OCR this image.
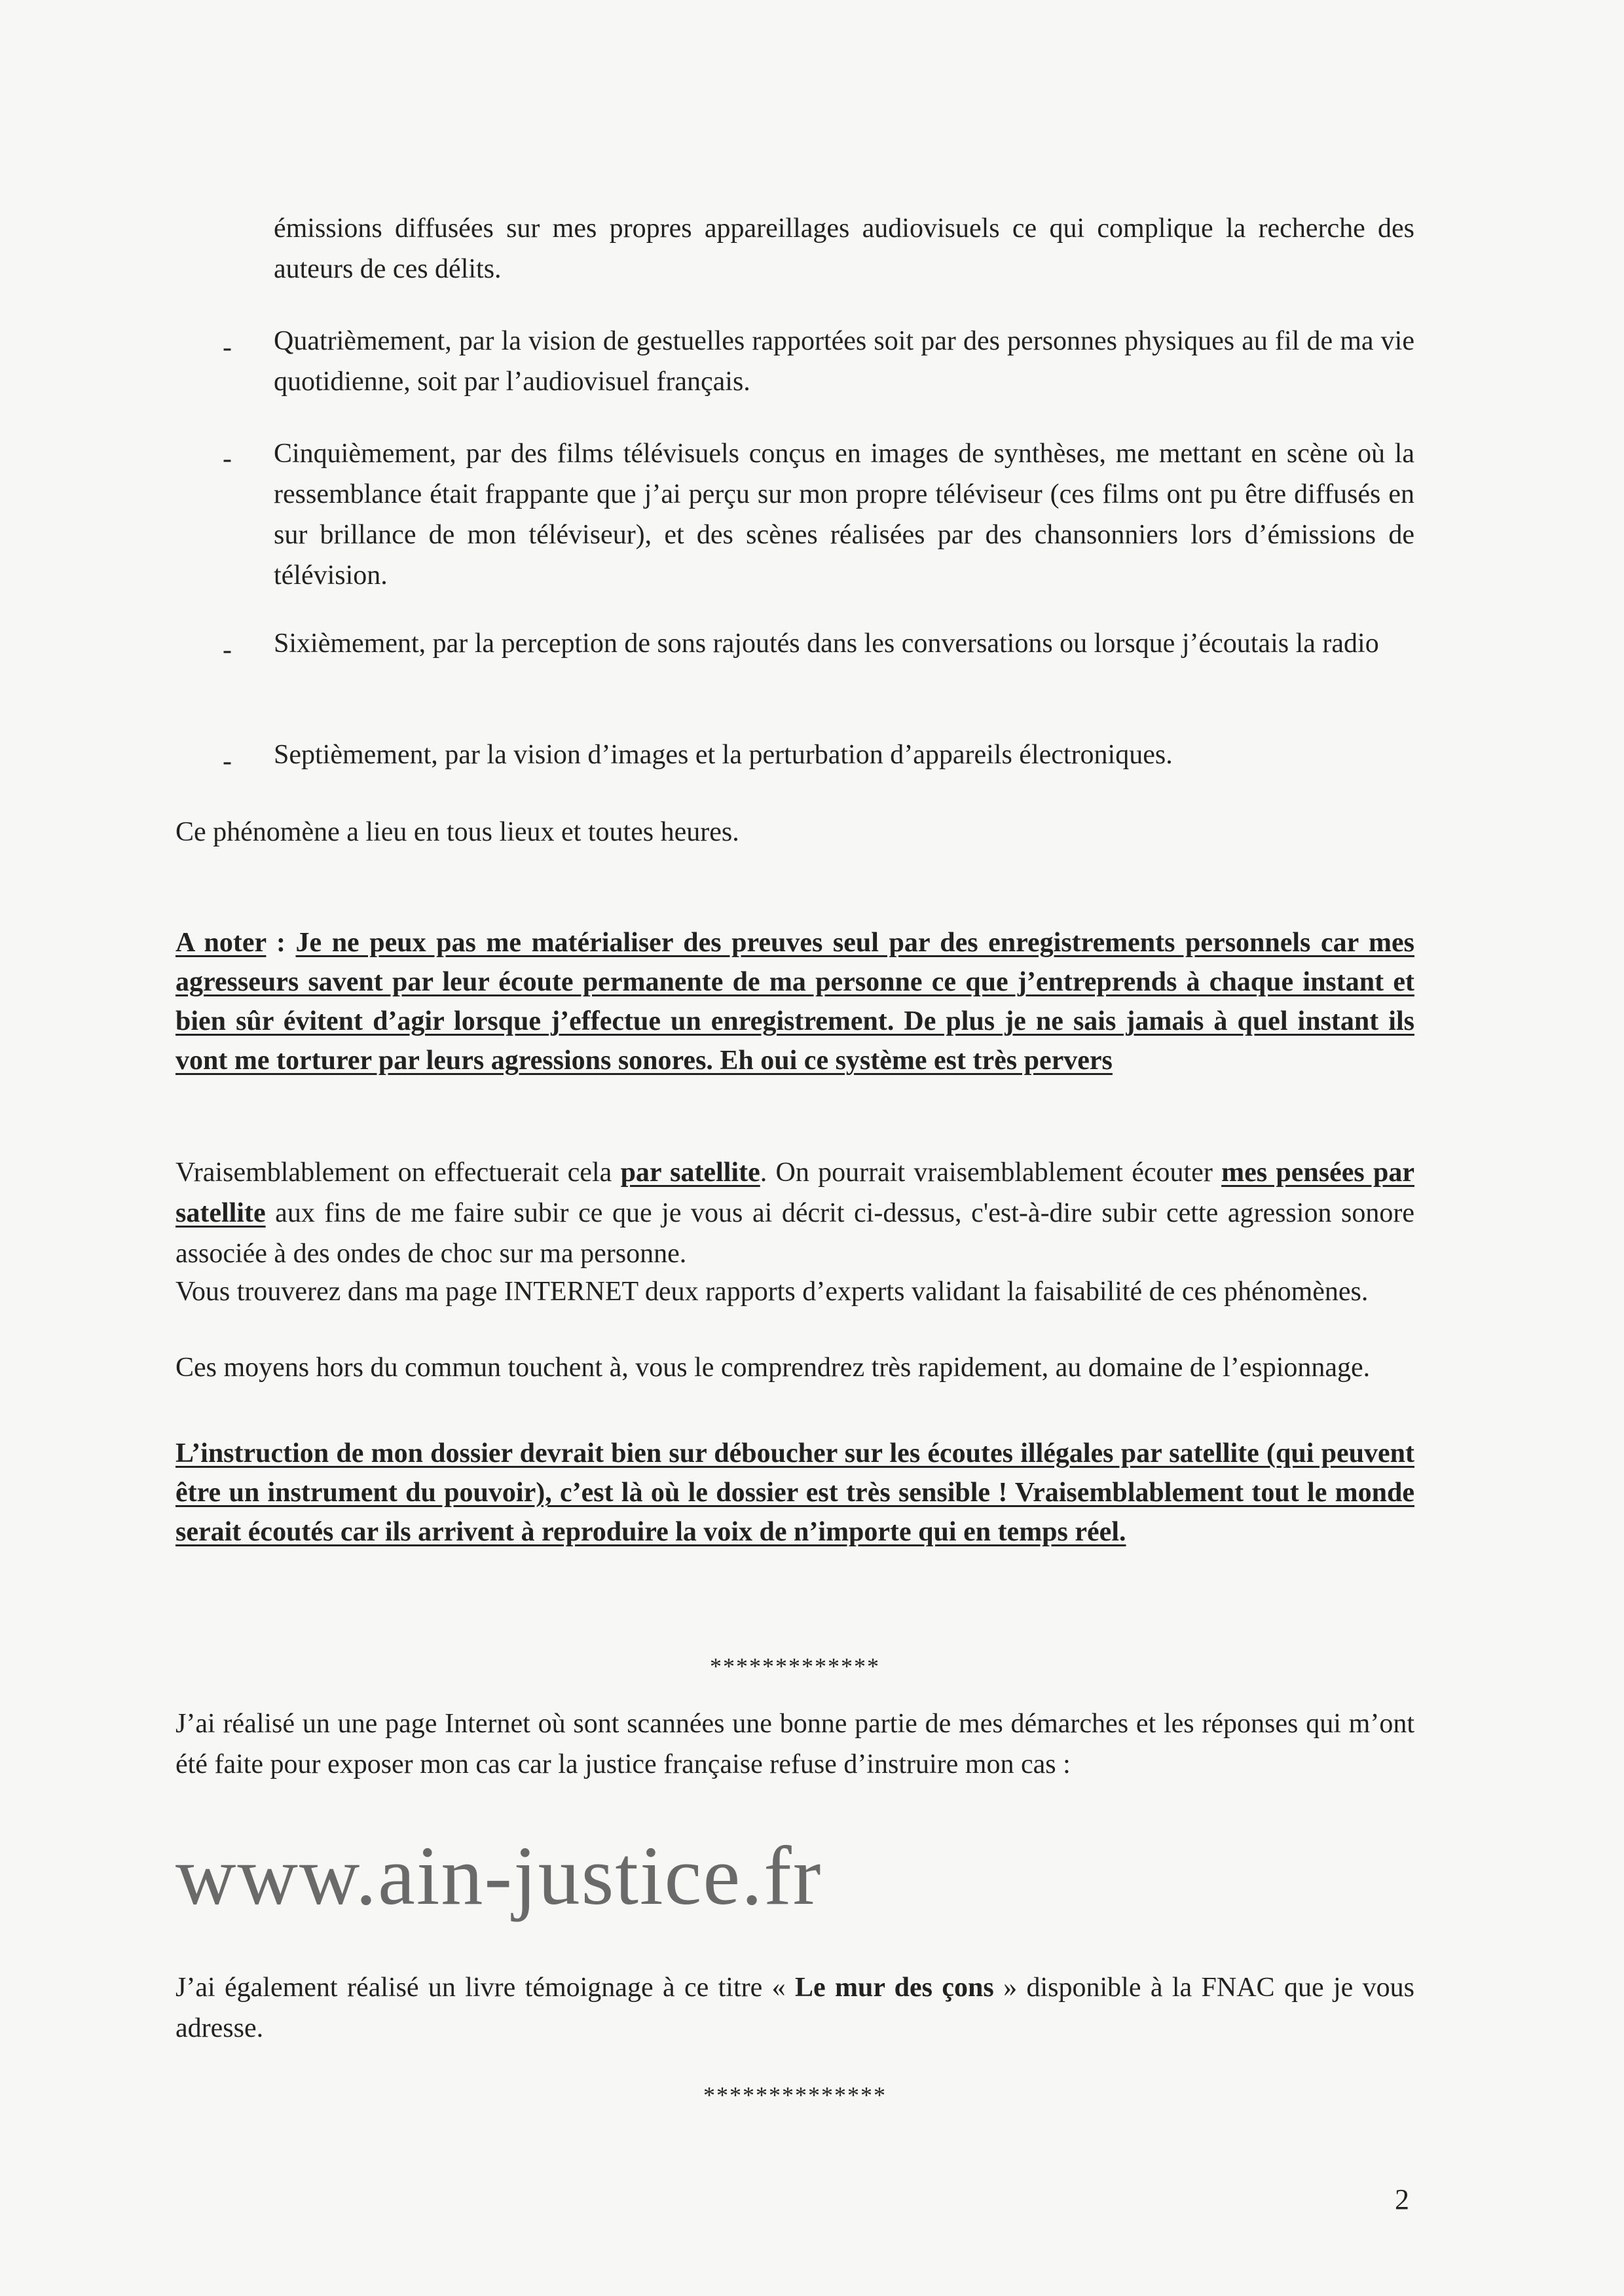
émissions diffusées sur mes propres appareillages audiovisuels ce qui complique la recherche des auteurs de ces délits.

- Quatrièmement, par la vision de gestuelles rapportées soit par des personnes physiques au fil de ma vie quotidienne, soit par l’audiovisuel français.

- Cinquièmement, par des films télévisuels conçus en images de synthèses, me mettant en scène où la ressemblance était frappante que j’ai perçu sur mon propre téléviseur (ces films ont pu être diffusés en sur brillance de mon téléviseur), et des scènes réalisées par des chansonniers lors d’émissions de télévision.

- Sixièmement, par la perception de sons rajoutés dans les conversations ou lorsque j’écoutais la radio

- Septièmement, par la vision d’images et la perturbation d’appareils électroniques.

Ce phénomène a lieu en tous lieux et toutes heures.

A noter : Je ne peux pas me matérialiser des preuves seul par des enregistrements personnels car mes agresseurs savent par leur écoute permanente de ma personne ce que j’entreprends à chaque instant et bien sûr évitent d’agir lorsque j’effectue un enregistrement. De plus je ne sais jamais à quel instant ils vont me torturer par leurs agressions sonores. Eh oui ce système est très pervers

Vraisemblablement on effectuerait cela par satellite. On pourrait vraisemblablement écouter mes pensées par satellite aux fins de me faire subir ce que je vous ai décrit ci-dessus, c'est-à-dire subir cette agression sonore associée à des ondes de choc sur ma personne.

Vous trouverez dans ma page INTERNET deux rapports d’experts validant la faisabilité de ces phénomènes.

Ces moyens hors du commun touchent à, vous le comprendrez très rapidement, au domaine de l’espionnage.

L’instruction de mon dossier devrait bien sur déboucher sur les écoutes illégales par satellite (qui peuvent être un instrument du pouvoir), c’est là où le dossier est très sensible ! Vraisemblablement tout le monde serait écoutés car ils arrivent à reproduire la voix de n’importe qui en temps réel.

*************

J’ai réalisé un une page Internet où sont scannées une bonne partie de mes démarches et les réponses qui m’ont été faite pour exposer mon cas car la justice française refuse d’instruire mon cas :

www.ain-justice.fr

J’ai également réalisé un livre témoignage à ce titre « Le mur des çons » disponible à la FNAC que je vous adresse.

**************
2
